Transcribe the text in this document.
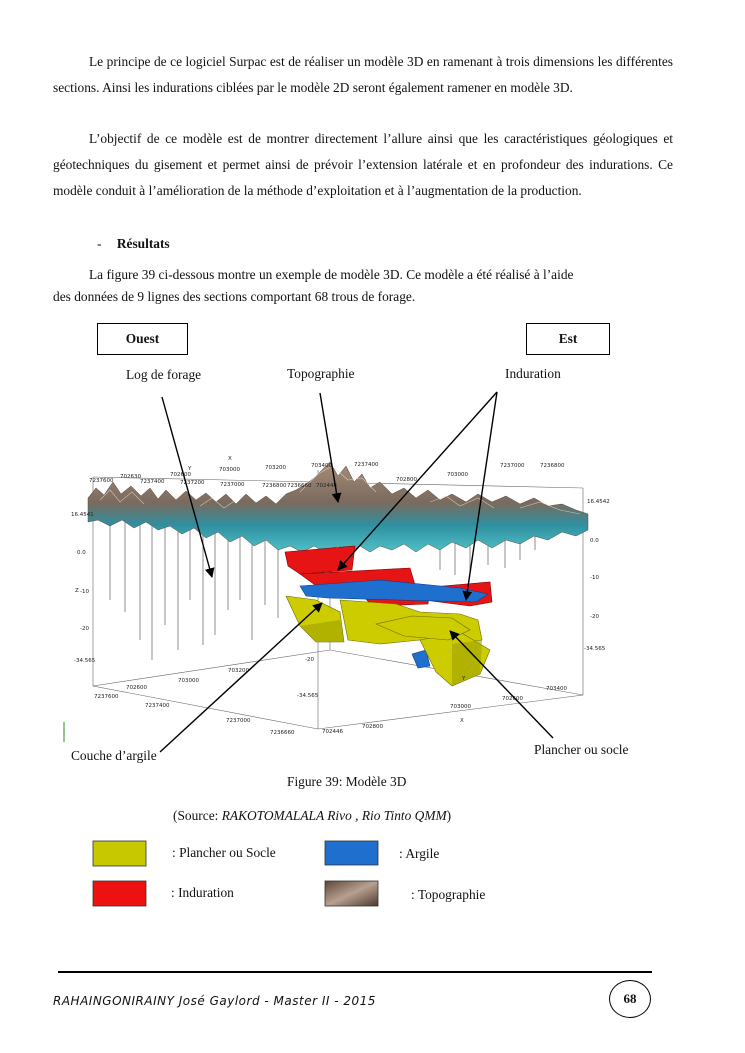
Le principe de ce logiciel Surpac est de réaliser un modèle 3D en ramenant à trois dimensions les différentes sections. Ainsi les indurations ciblées par le modèle 2D seront également ramener en modèle 3D.

L’objectif de ce modèle est de montrer directement l’allure ainsi que les caractéristiques géologiques et géotechniques du gisement et permet ainsi de prévoir l’extension latérale et en profondeur des indurations. Ce modèle conduit à l’amélioration de la méthode d’exploitation et à l’augmentation de la production.

- Résultats

La figure 39 ci-dessous montre un exemple de modèle 3D. Ce modèle a été réalisé à l’aide
des données de 9 lignes des sections comportant 68 trous de forage.

Ouest	Est
Log de forage	Topographie	Induration
Couche d’argile	Plancher ou socle
Z
X
Y
X
Y
16.4541
16.4542
0.0
0.0
-10
-10
-20
-20
-34.565
-34.565
-34.565
-20
7237600
702630
7237400
702600
7237200
703000
7237000
703200
7236800 7236660
703400
702446
7237400
702800
703000
7237000	7236800
7237600
702600
7237400
703000
7237000
7236660	702446
702800
703000
703400
702600
703200
Figure 39: Modèle 3D
(Source: RAKOTOMALALA Rivo , Rio Tinto QMM)
: Plancher ou Socle	: Argile
: Induration	: Topographie
RAHAINGONIRAINY José Gaylord - Master II - 2015	68
